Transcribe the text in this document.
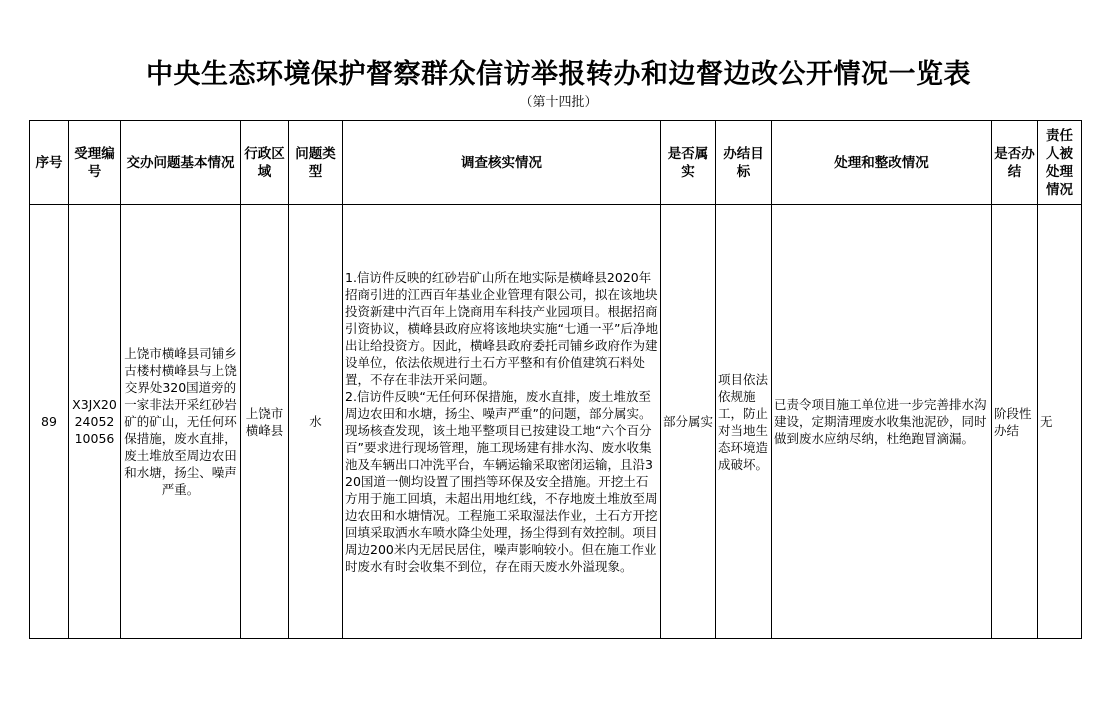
中央生态环境保护督察群众信访举报转办和边督边改公开情况一览表
（第十四批）
序号	受理编号	交办问题基本情况	行政区域	问题类型	调查核实情况	是否属实	办结目标	处理和整改情况	是否办结	责任人被处理情况
89	X3JX2024052 10056	上饶市横峰县司铺乡古楼村横峰县与上饶交界处320国道旁的一家非法开采红砂岩矿的矿山，无任何环保措施，废水直排，废土堆放至周边农田和水塘，扬尘、噪声严重。	上饶市横峰县	水	1.信访件反映的红砂岩矿山所在地实际是横峰县2020年招商引进的江西百年基业企业管理有限公司，拟在该地块投资新建中汽百年上饶商用车科技产业园项目。根据招商引资协议，横峰县政府应将该地块实施“七通一平”后净地出让给投资方。因此，横峰县政府委托司铺乡政府作为建设单位，依法依规进行土石方平整和有价值建筑石料处置，不存在非法开采问题。
2.信访件反映“无任何环保措施，废水直排，废土堆放至周边农田和水塘，扬尘、噪声严重”的问题，部分属实。现场核查发现，该土地平整项目已按建设工地“六个百分百”要求进行现场管理，施工现场建有排水沟、废水收集池及车辆出口冲洗平台，车辆运输采取密闭运输，且沿320国道一侧均设置了围挡等环保及安全措施。开挖土石方用于施工回填，未超出用地红线，不存地废土堆放至周边农田和水塘情况。工程施工采取湿法作业，土石方开挖回填采取洒水车喷水降尘处理，扬尘得到有效控制。项目周边200米内无居民居住，噪声影响较小。但在施工作业时废水有时会收集不到位，存在雨天废水外溢现象。	部分属实	项目依法依规施工，防止对当地生态环境造成破坏。	已责令项目施工单位进一步完善排水沟建设，定期清理废水收集池泥砂，同时做到废水应纳尽纳，杜绝跑冒滴漏。	阶段性办结	无
